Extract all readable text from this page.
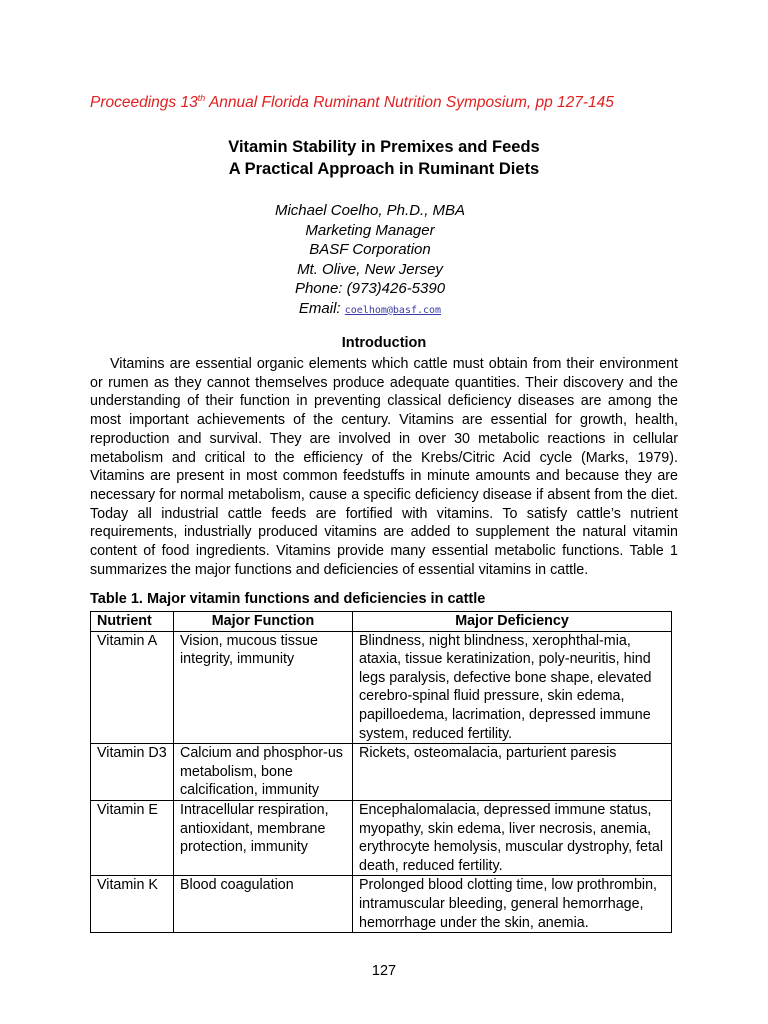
Proceedings 13th Annual Florida Ruminant Nutrition Symposium, pp 127-145
Vitamin Stability in Premixes and Feeds
A Practical Approach in Ruminant Diets
Michael Coelho, Ph.D., MBA
Marketing Manager
BASF Corporation
Mt. Olive, New Jersey
Phone: (973)426-5390
Email: coelhom@basf.com
Introduction

Vitamins are essential organic elements which cattle must obtain from their environment or rumen as they cannot themselves produce adequate quantities. Their discovery and the understanding of their function in preventing classical deficiency diseases are among the most important achievements of the century. Vitamins are essential for growth, health, reproduction and survival. They are involved in over 30 metabolic reactions in cellular metabolism and critical to the efficiency of the Krebs/Citric Acid cycle (Marks, 1979). Vitamins are present in most common feedstuffs in minute amounts and because they are necessary for normal metabolism, cause a specific deficiency disease if absent from the diet. Today all industrial cattle feeds are fortified with vitamins. To satisfy cattle’s nutrient requirements, industrially produced vitamins are added to supplement the natural vitamin content of food ingredients. Vitamins provide many essential metabolic functions. Table 1 summarizes the major functions and deficiencies of essential vitamins in cattle.

Table 1. Major vitamin functions and deficiencies in cattle
Nutrient	Major Function	Major Deficiency
Vitamin A	Vision, mucous tissue integrity, immunity	Blindness, night blindness, xerophthal-mia, ataxia, tissue keratinization, poly-neuritis, hind legs paralysis, defective bone shape, elevated cerebro-spinal fluid pressure, skin edema, papilloedema, lacrimation, depressed immune system, reduced fertility.
Vitamin D3	Calcium and phosphor-us metabolism, bone calcification, immunity	Rickets, osteomalacia, parturient paresis
Vitamin E	Intracellular respiration, antioxidant, membrane protection, immunity	Encephalomalacia, depressed immune status, myopathy, skin edema, liver necrosis, anemia, erythrocyte hemolysis, muscular dystrophy, fetal death, reduced fertility.
Vitamin K	Blood coagulation	Prolonged blood clotting time, low prothrombin, intramuscular bleeding, general hemorrhage, hemorrhage under the skin, anemia.
127
